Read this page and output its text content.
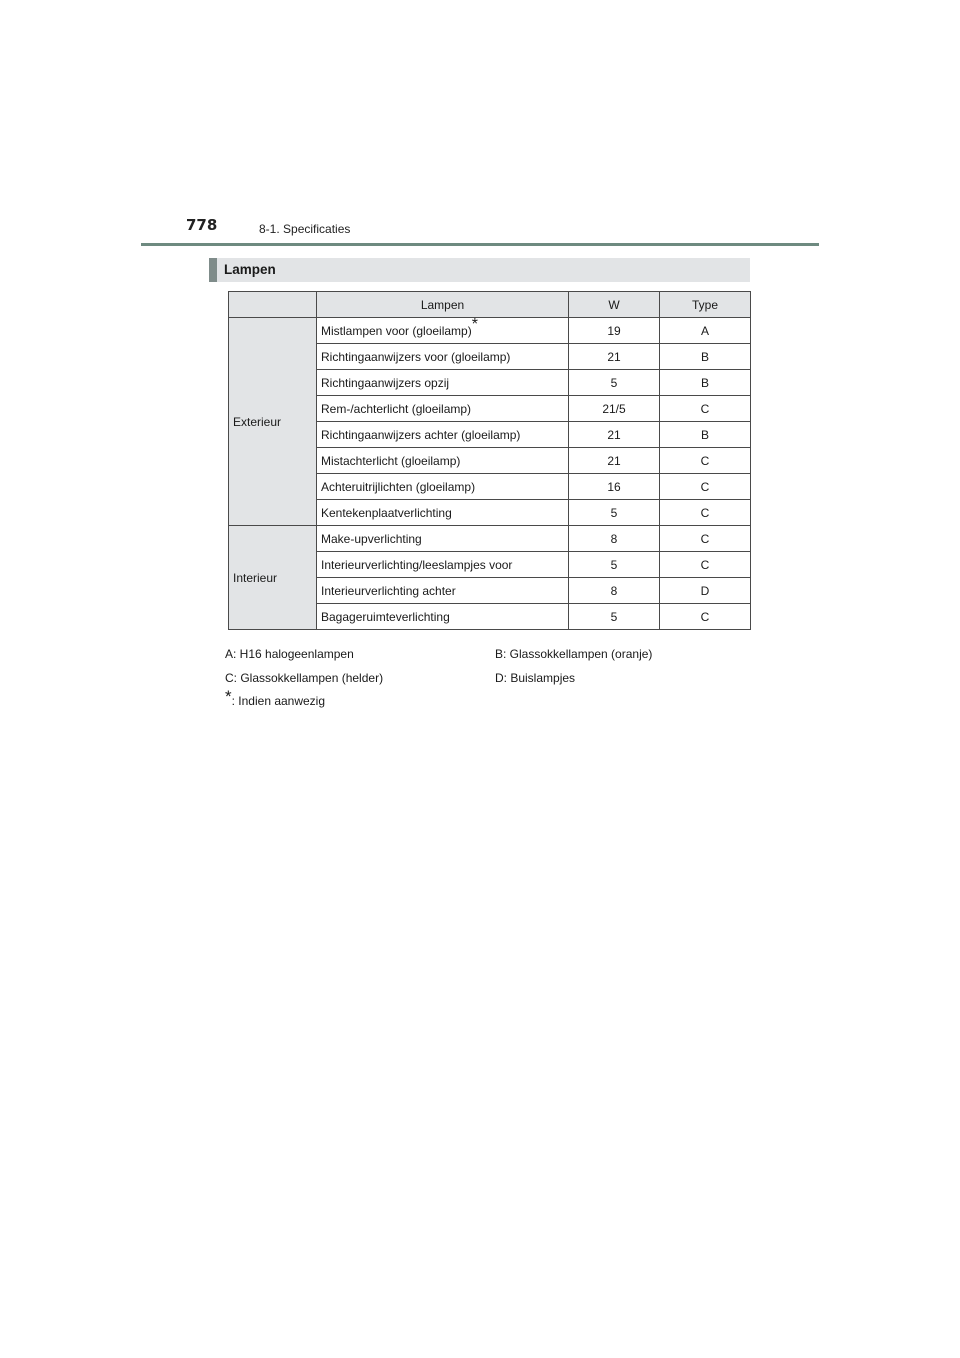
778	8-1. Specificaties
Lampen
	Lampen	W	Type
Exterieur	Mistlampen voor (gloeilamp)*	19	A
	Richtingaanwijzers voor (gloeilamp)	21	B
	Richtingaanwijzers opzij	5	B
	Rem-/achterlicht (gloeilamp)	21/5	C
	Richtingaanwijzers achter (gloeilamp)	21	B
	Mistachterlicht (gloeilamp)	21	C
	Achteruitrijlichten (gloeilamp)	16	C
	Kentekenplaatverlichting	5	C
Interieur	Make-upverlichting	8	C
	Interieurverlichting/leeslampjes voor	5	C
	Interieurverlichting achter	8	D
	Bagageruimteverlichting	5	C
A: H16 halogeenlampen	B: Glassokkellampen (oranje)
C: Glassokkellampen (helder)	D: Buislampjes
*: Indien aanwezig
